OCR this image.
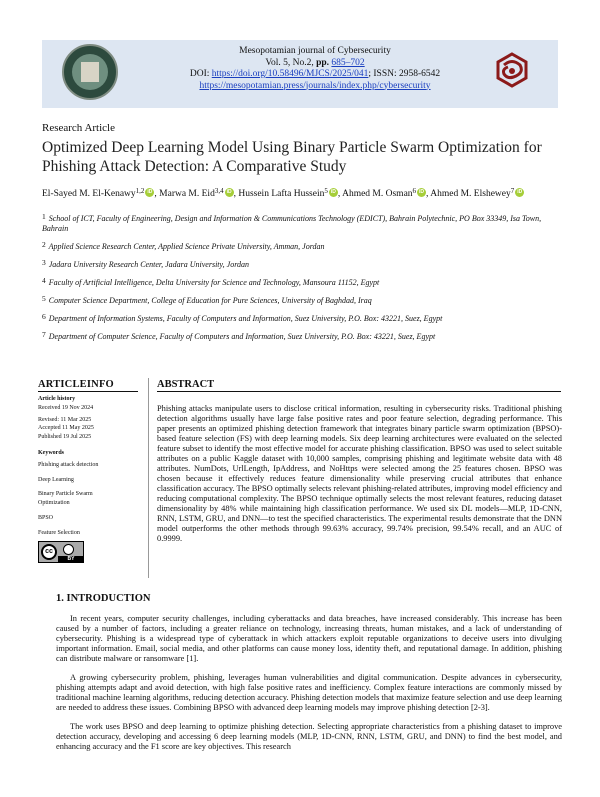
Mesopotamian journal of Cybersecurity
Vol. 5, No.2, pp. 685–702
DOI: https://doi.org/10.58496/MJCS/2025/041; ISSN: 2958-6542
https://mesopotamian.press/journals/index.php/cybersecurity
Research Article
Optimized Deep Learning Model Using Binary Particle Swarm Optimization for Phishing Attack Detection: A Comparative Study
El-Sayed M. El-Kenawy$^{1,2}$ iD , Marwa M. Eid$^{3,4}$ iD , Hussein Lafta Hussein$^5$ iD , Ahmed M. Osman$^6$ iD , Ahmed M. Elshewey$^7$ iD
1 School of ICT, Faculty of Engineering, Design and Information & Communications Technology (EDICT), Bahrain Polytechnic, PO Box 33349, Isa Town, Bahrain
2 Applied Science Research Center, Applied Science Private University, Amman, Jordan
3 Jadara University Research Center, Jadara University, Jordan
4 Faculty of Artificial Intelligence, Delta University for Science and Technology, Mansoura 11152, Egypt
5 Computer Science Department, College of Education for Pure Sciences, University of Baghdad, Iraq
6 Department of Information Systems, Faculty of Computers and Information, Suez University, P.O. Box: 43221, Suez, Egypt
7 Department of Computer Science, Faculty of Computers and Information, Suez University, P.O. Box: 43221, Suez, Egypt
ARTICLEINFO
Article history
Received 19 Nov 2024
Revised: 11 Mar 2025
Accepted 11 May 2025
Published 19 Jul 2025
Keywords
Phishing attack detection
Deep Learning
Binary Particle Swarm Optimization
BPSO
Feature Selection
cc
BY
ABSTRACT
Phishing attacks manipulate users to disclose critical information, resulting in cybersecurity risks. Traditional phishing detection algorithms usually have large false positive rates and poor feature selection, degrading performance. This paper presents an optimized phishing detection framework that integrates binary particle swarm optimization (BPSO)-based feature selection (FS) with deep learning models. Six deep learning architectures were evaluated on the selected feature subset to identify the most effective model for accurate phishing classification. BPSO was used to select suitable attributes on a public Kaggle dataset with 10,000 samples, comprising phishing and legitimate website data with 48 attributes. NumDots, UrlLength, IpAddress, and NoHttps were selected among the 25 features chosen. BPSO was chosen because it effectively reduces feature dimensionality while preserving crucial attributes that enhance classification accuracy. The BPSO optimally selects relevant phishing-related attributes, improving model efficiency and reducing computational complexity. The BPSO technique optimally selects the most relevant features, reducing dataset dimensionality by 48% while maintaining high classification performance. We used six DL models—MLP, 1D-CNN, RNN, LSTM, GRU, and DNN—to test the specified characteristics. The experimental results demonstrate that the DNN model outperforms the other methods through 99.63% accuracy, 99.74% precision, 99.54% recall, and an AUC of 0.9999.
1. INTRODUCTION

In recent years, computer security challenges, including cyberattacks and data breaches, have increased considerably. This increase has been caused by a number of factors, including a greater reliance on technology, increasing threats, human mistakes, and a lack of understanding of cybersecurity. Phishing is a widespread type of cyberattack in which attackers exploit reputable organizations to deceive users into divulging important information. Email, social media, and other platforms can cause money loss, identity theft, and reputational damage. In addition, phishing can distribute malware or ransomware [1].

A growing cybersecurity problem, phishing, leverages human vulnerabilities and digital communication. Despite advances in cybersecurity, phishing attempts adapt and avoid detection, with high false positive rates and inefficiency. Complex feature interactions are commonly missed by traditional machine learning algorithms, reducing detection accuracy. Phishing detection models that maximize feature selection and use deep learning are needed to address these issues. Combining BPSO with advanced deep learning models may improve phishing detection [2-3].

The work uses BPSO and deep learning to optimize phishing detection. Selecting appropriate characteristics from a phishing dataset to improve detection accuracy, developing and accessing 6 deep learning models (MLP, 1D-CNN, RNN, LSTM, GRU, and DNN) to find the best model, and enhancing accuracy and the F1 score are key objectives. This research
